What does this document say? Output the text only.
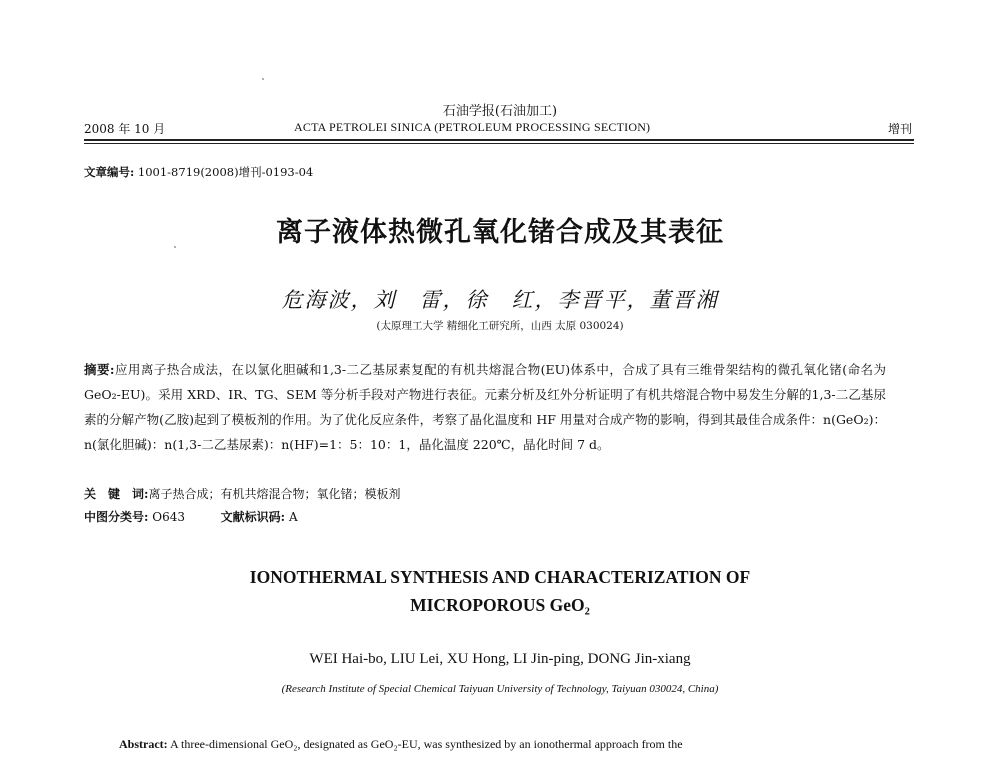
石油学报(石油加工)
2008 年 10 月	ACTA PETROLEI SINICA (PETROLEUM PROCESSING SECTION)	增刊
文章编号: 1001-8719(2008)增刊-0193-04
离子液体热微孔氧化锗合成及其表征
危海波，刘　雷，徐　红，李晋平，董晋湘
(太原理工大学 精细化工研究所，山西 太原 030024)
摘要:应用离子热合成法，在以氯化胆碱和1,3-二乙基尿素复配的有机共熔混合物(EU)体系中，合成了具有三维骨架结构的微孔氧化锗(命名为 GeO₂-EU)。采用 XRD、IR、TG、SEM 等分析手段对产物进行表征。元素分析及红外分析证明了有机共熔混合物中易发生分解的1,3-二乙基尿素的分解产物(乙胺)起到了模板剂的作用。为了优化反应条件，考察了晶化温度和 HF 用量对合成产物的影响，得到其最佳合成条件：n(GeO₂)：n(氯化胆碱)：n(1,3-二乙基尿素)：n(HF)=1：5：10：1，晶化温度 220℃，晶化时间 7 d。
关　键　词:离子热合成；有机共熔混合物；氧化锗；模板剂
中图分类号: O643	文献标识码: A
IONOTHERMAL SYNTHESIS AND CHARACTERIZATION OF
MICROPOROUS GeO₂
WEI Hai-bo, LIU Lei, XU Hong, LI Jin-ping, DONG Jin-xiang
(Research Institute of Special Chemical Taiyuan University of Technology, Taiyuan 030024, China)
Abstract: A three-dimensional GeO₂, designated as GeO₂-EU, was synthesized by an ionothermal approach from the
